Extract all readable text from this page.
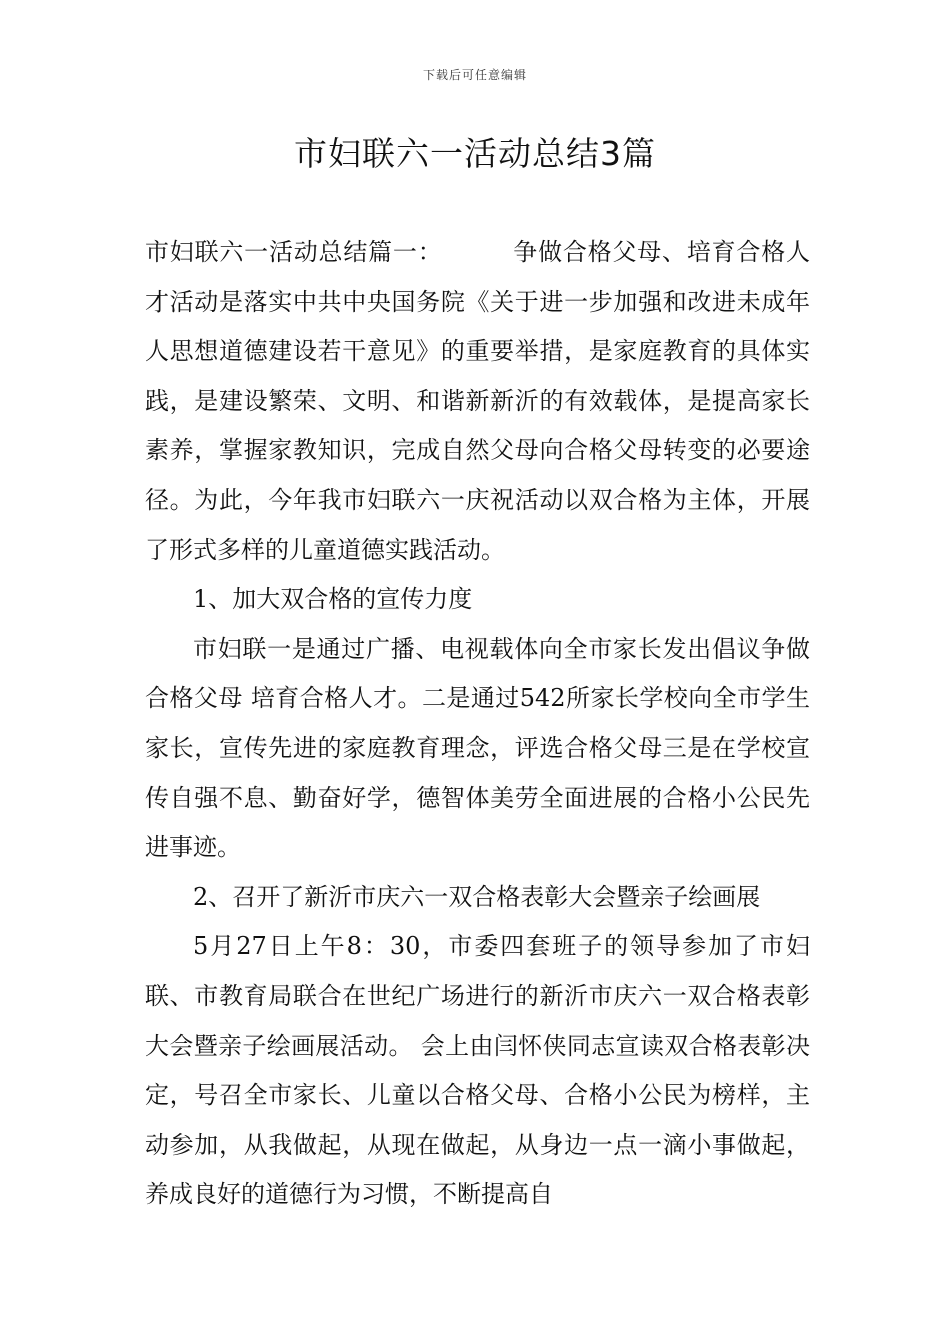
下载后可任意编辑
市妇联六一活动总结3篇

市妇联六一活动总结篇一：	争做合格父母、培育合格人才活动是落实中共中央国务院《关于进一步加强和改进未成年人思想道德建设若干意见》的重要举措，是家庭教育的具体实践，是建设繁荣、文明、和谐新新沂的有效载体，是提高家长素养，掌握家教知识，完成自然父母向合格父母转变的必要途径。为此，今年我市妇联六一庆祝活动以双合格为主体，开展了形式多样的儿童道德实践活动。

1、加大双合格的宣传力度

市妇联一是通过广播、电视载体向全市家长发出倡议争做合格父母 培育合格人才。二是通过542所家长学校向全市学生家长，宣传先进的家庭教育理念，评选合格父母三是在学校宣传自强不息、勤奋好学，德智体美劳全面进展的合格小公民先进事迹。

2、召开了新沂市庆六一双合格表彰大会暨亲子绘画展

5月27日上午8：30，市委四套班子的领导参加了市妇联、市教育局联合在世纪广场进行的新沂市庆六一双合格表彰大会暨亲子绘画展活动。 会上由闫怀侠同志宣读双合格表彰决定，号召全市家长、儿童以合格父母、合格小公民为榜样，主动参加，从我做起，从现在做起，从身边一点一滴小事做起，养成良好的道德行为习惯，不断提高自
